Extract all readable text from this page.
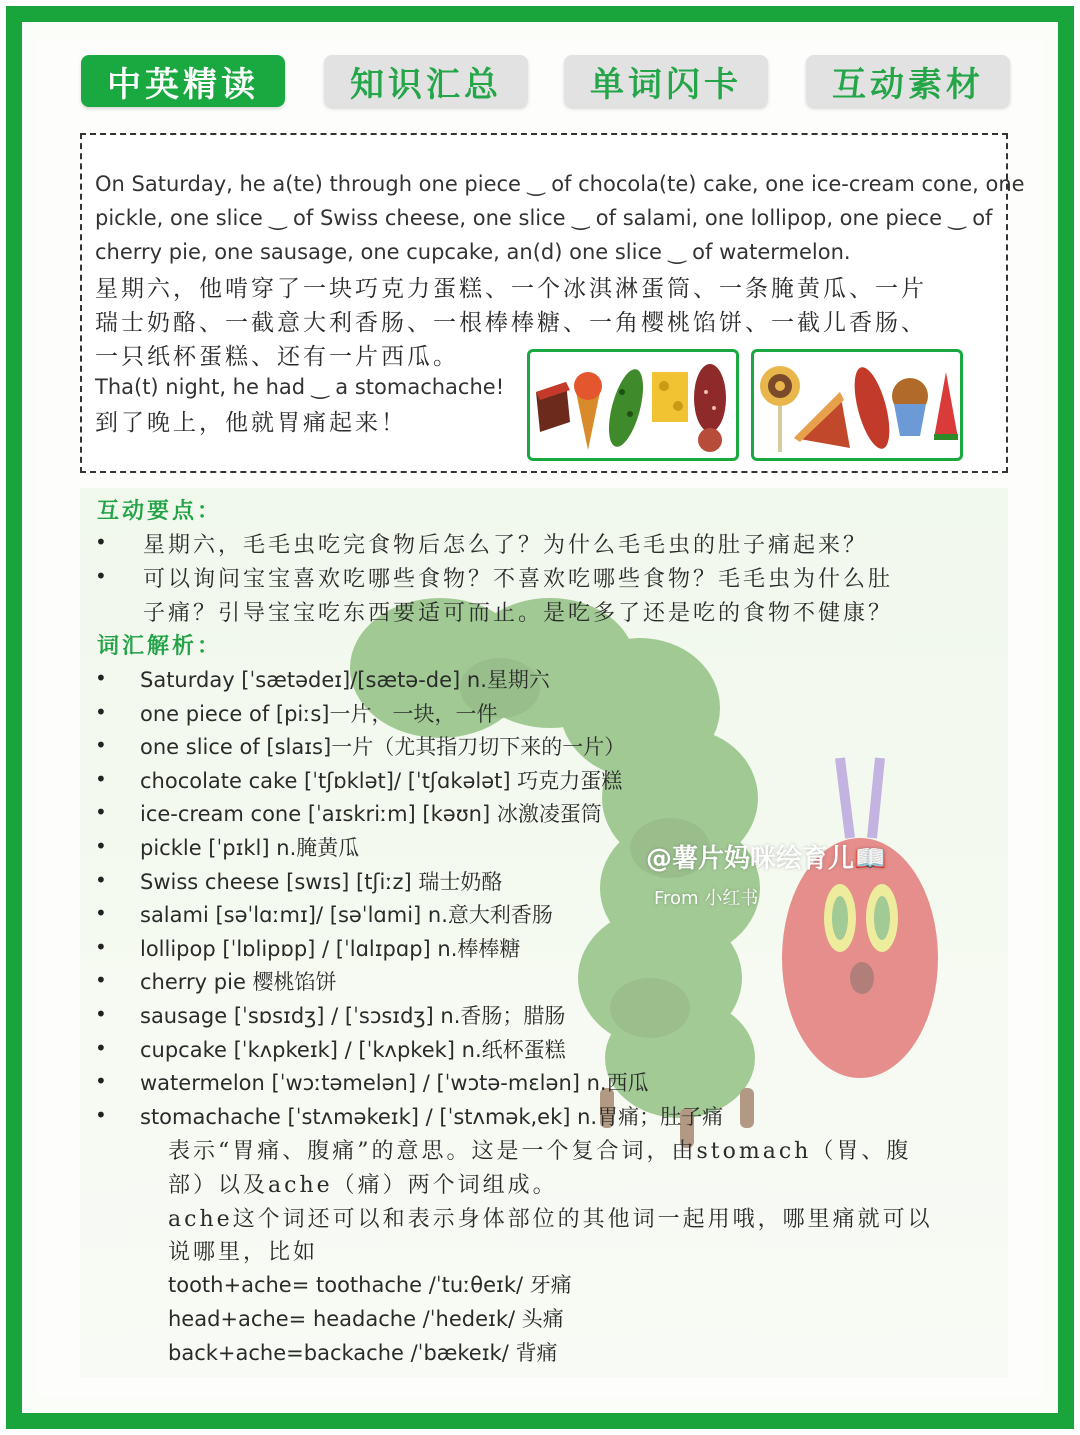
中英精读	知识汇总	单词闪卡	互动素材
On Saturday, he a(te) through one piece ‿ of chocola(te) cake, one ice-cream cone, one
pickle, one slice ‿ of Swiss cheese, one slice ‿ of salami, one lollipop, one piece ‿ of
cherry pie, one sausage, one cupcake, an(d) one slice ‿ of watermelon.
星期六，他啃穿了一块巧克力蛋糕、一个冰淇淋蛋筒、一条腌黄瓜、一片
瑞士奶酪、一截意大利香肠、一根棒棒糖、一角樱桃馅饼、一截儿香肠、
一只纸杯蛋糕、还有一片西瓜。
Tha(t) night, he had ‿ a stomachache!
到了晚上，他就胃痛起来！
互动要点：
• 星期六，毛毛虫吃完食物后怎么了？为什么毛毛虫的肚子痛起来？
• 可以询问宝宝喜欢吃哪些食物？不喜欢吃哪些食物？毛毛虫为什么肚
子痛？引导宝宝吃东西要适可而止。是吃多了还是吃的食物不健康？
词汇解析：
• Saturday [ˈsætədeɪ]/[sætə-de] n.星期六
• one piece of [piːs]一片，一块，一件
• one slice of [slaɪs]一片（尤其指刀切下来的一片）
• chocolate cake [ˈtʃɒklət]/ [ˈtʃɑkələt] 巧克力蛋糕
• ice-cream cone [ˈaɪskriːm] [kəʊn] 冰激凌蛋筒
• pickle [ˈpɪkl] n.腌黄瓜
• Swiss cheese [swɪs] [tʃiːz] 瑞士奶酪
• salami [səˈlɑːmɪ]/ [səˈlɑmi] n.意大利香肠
• lollipop [ˈlɒlipɒp] / [ˈlɑlɪpɑp] n.棒棒糖
• cherry pie 樱桃馅饼
• sausage [ˈsɒsɪdʒ] / [ˈsɔsɪdʒ] n.香肠；腊肠
• cupcake [ˈkʌpkeɪk] / [ˈkʌpkek] n.纸杯蛋糕
• watermelon [ˈwɔːtəmelən] / [ˈwɔtə-mɛlən] n.西瓜
• stomachache [ˈstʌməkeɪk] / [ˈstʌmək,ek] n.胃痛；肚子痛
表示“胃痛、腹痛”的意思。这是一个复合词，由stomach（胃、腹
部）以及ache（痛）两个词组成。
ache这个词还可以和表示身体部位的其他词一起用哦，哪里痛就可以
说哪里，比如
tooth+ache= toothache /ˈtuːθeɪk/ 牙痛
head+ache= headache /ˈhedeɪk/ 头痛
back+ache=backache /ˈbækeɪk/ 背痛
@薯片妈咪绘育儿📖
From 小红书
